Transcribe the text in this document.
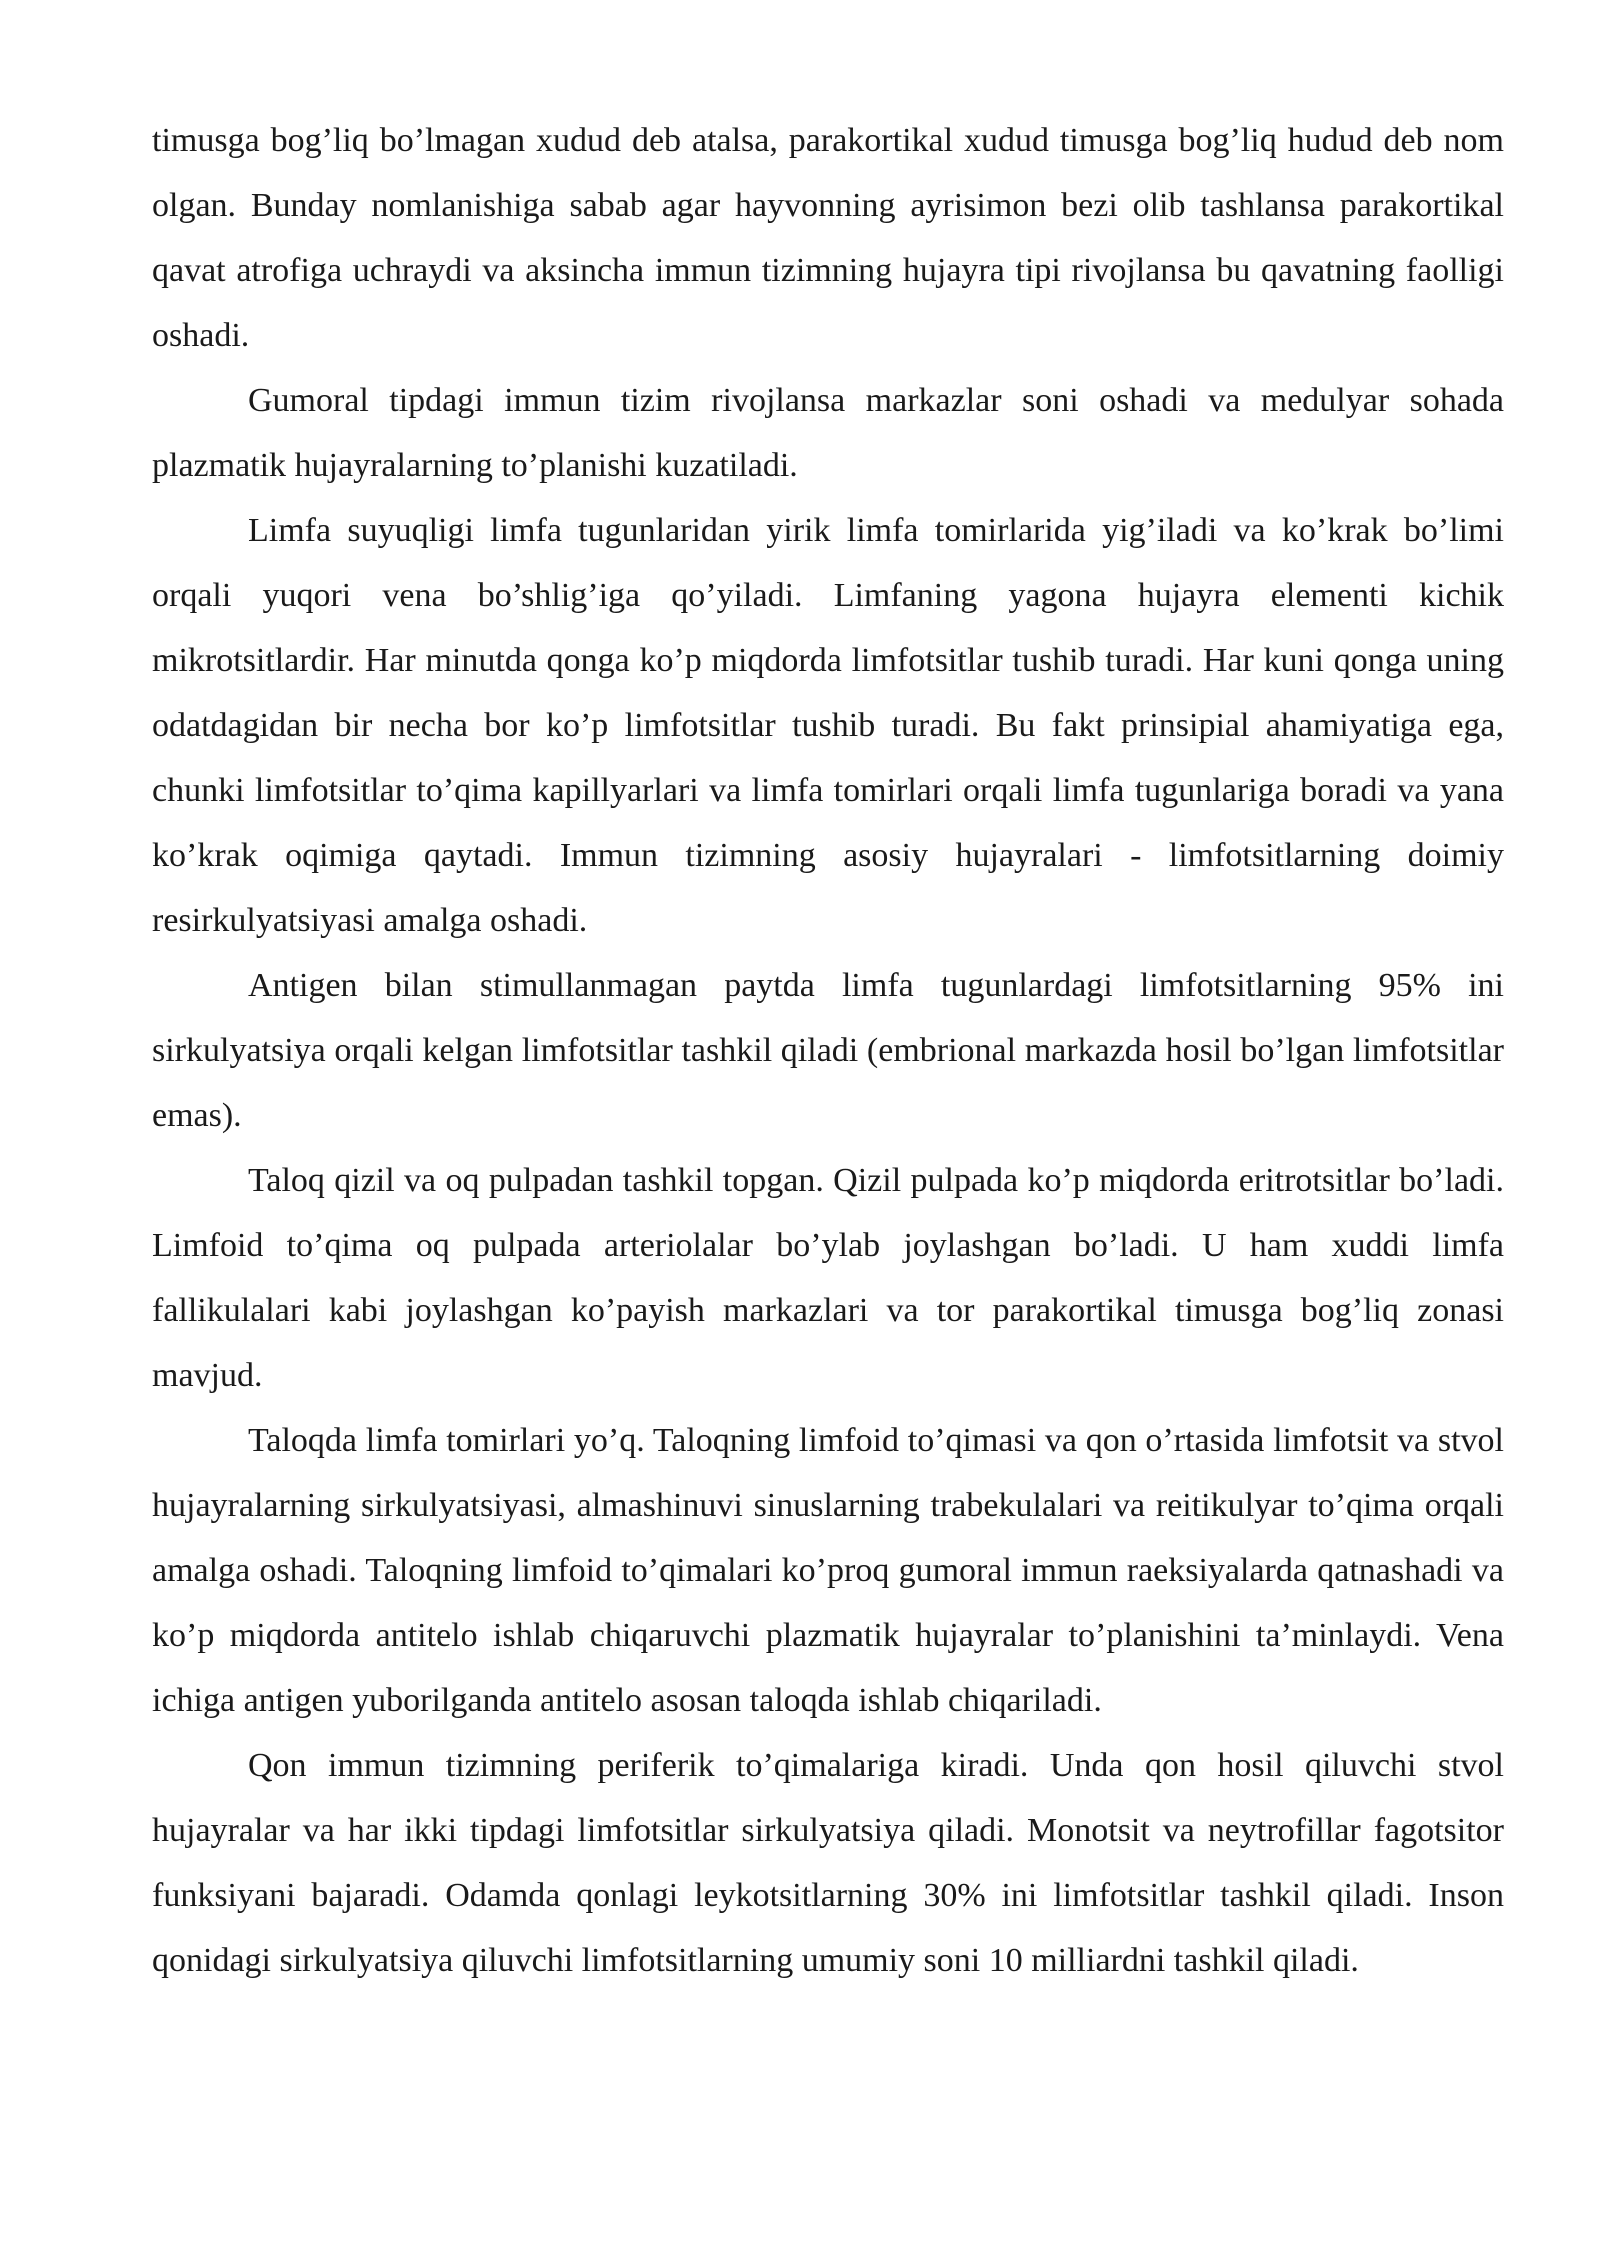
timusga bog’liq bo’lmagan xudud deb atalsa, parakortikal xudud timusga bog’liq hudud deb nom olgan. Bunday nomlanishiga sabab agar hayvonning ayrisimon bezi olib tashlansa parakortikal qavat atrofiga uchraydi va aksincha immun tizimning hujayra tipi rivojlansa bu qavatning faolligi oshadi.

Gumoral tipdagi immun tizim rivojlansa markazlar soni oshadi va medulyar sohada plazmatik hujayralarning to’planishi kuzatiladi.

Limfa suyuqligi limfa tugunlaridan yirik limfa tomirlarida yig’iladi va ko’krak bo’limi orqali yuqori vena bo’shlig’iga qo’yiladi. Limfaning yagona hujayra elementi kichik mikrotsitlardir. Har minutda qonga ko’p miqdorda limfotsitlar tushib turadi. Har kuni qonga uning odatdagidan bir necha bor ko’p limfotsitlar tushib turadi. Bu fakt prinsipial ahamiyatiga ega, chunki limfotsitlar to’qima kapillyarlari va limfa tomirlari orqali limfa tugunlariga boradi va yana ko’krak oqimiga qaytadi. Immun tizimning asosiy hujayralari - limfotsitlarning doimiy resirkulyatsiyasi amalga oshadi.

Antigen bilan stimullanmagan paytda limfa tugunlardagi limfotsitlarning 95% ini sirkulyatsiya orqali kelgan limfotsitlar tashkil qiladi (embrional markazda hosil bo’lgan limfotsitlar emas).

Taloq qizil va oq pulpadan tashkil topgan. Qizil pulpada ko’p miqdorda eritrotsitlar bo’ladi. Limfoid to’qima oq pulpada arteriolalar bo’ylab joylashgan bo’ladi. U ham xuddi limfa fallikulalari kabi joylashgan ko’payish markazlari va tor parakortikal timusga bog’liq zonasi mavjud.

Taloqda limfa tomirlari yo’q. Taloqning limfoid to’qimasi va qon o’rtasida limfotsit va stvol hujayralarning sirkulyatsiyasi, almashinuvi sinuslarning trabekulalari va reitikulyar to’qima orqali amalga oshadi. Taloqning limfoid to’qimalari ko’proq gumoral immun raeksiyalarda qatnashadi va ko’p miqdorda antitelo ishlab chiqaruvchi plazmatik hujayralar to’planishini ta’minlaydi. Vena ichiga antigen yuborilganda antitelo asosan taloqda ishlab chiqariladi.

Qon immun tizimning periferik to’qimalariga kiradi. Unda qon hosil qiluvchi stvol hujayralar va har ikki tipdagi limfotsitlar sirkulyatsiya qiladi. Monotsit va neytrofillar fagotsitor funksiyani bajaradi. Odamda qonlagi leykotsitlarning 30% ini limfotsitlar tashkil qiladi. Inson qonidagi sirkulyatsiya qiluvchi limfotsitlarning umumiy soni 10 milliardni tashkil qiladi.
